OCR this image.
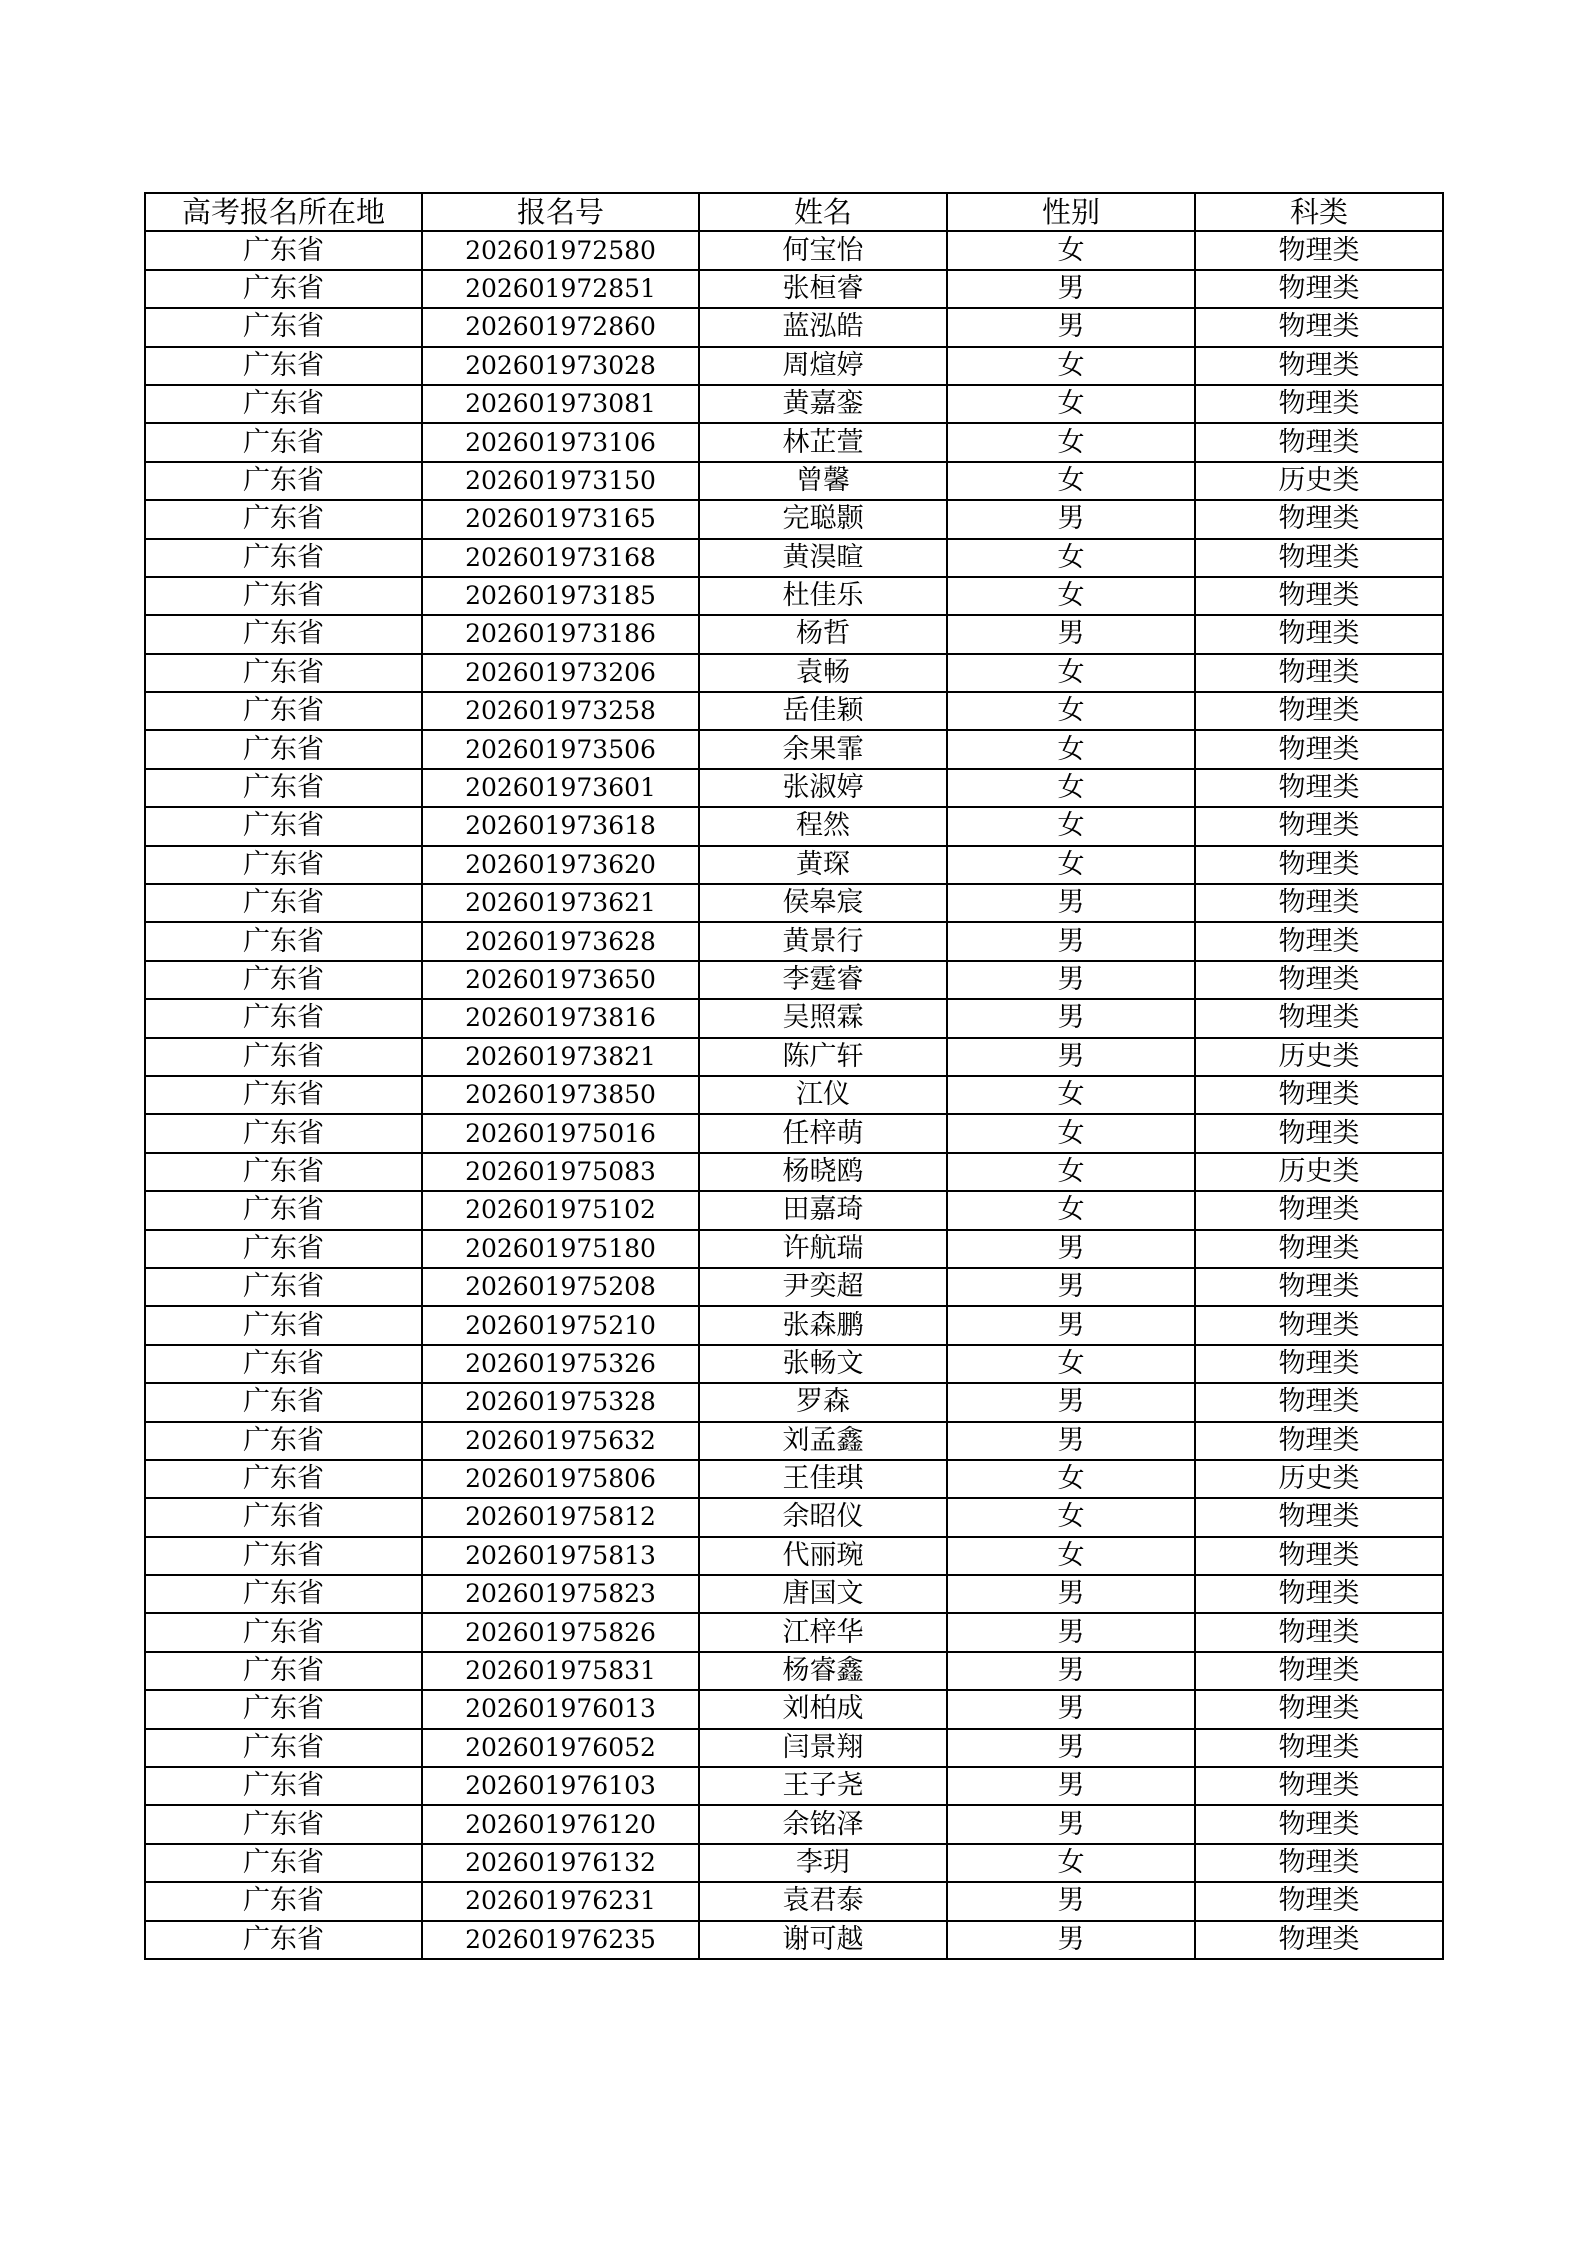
高考报名所在地	报名号	姓名	性别	科类
广东省	202601972580	何宝怡	女	物理类
广东省	202601972851	张桓睿	男	物理类
广东省	202601972860	蓝泓皓	男	物理类
广东省	202601973028	周煊婷	女	物理类
广东省	202601973081	黄嘉銮	女	物理类
广东省	202601973106	林芷萱	女	物理类
广东省	202601973150	曾馨	女	历史类
广东省	202601973165	完聪颢	男	物理类
广东省	202601973168	黄淏暄	女	物理类
广东省	202601973185	杜佳乐	女	物理类
广东省	202601973186	杨哲	男	物理类
广东省	202601973206	袁畅	女	物理类
广东省	202601973258	岳佳颖	女	物理类
广东省	202601973506	余果霏	女	物理类
广东省	202601973601	张淑婷	女	物理类
广东省	202601973618	程然	女	物理类
广东省	202601973620	黄琛	女	物理类
广东省	202601973621	侯皋宸	男	物理类
广东省	202601973628	黄景行	男	物理类
广东省	202601973650	李霆睿	男	物理类
广东省	202601973816	吴照霖	男	物理类
广东省	202601973821	陈广轩	男	历史类
广东省	202601973850	江仪	女	物理类
广东省	202601975016	任梓萌	女	物理类
广东省	202601975083	杨晓鸥	女	历史类
广东省	202601975102	田嘉琦	女	物理类
广东省	202601975180	许航瑞	男	物理类
广东省	202601975208	尹奕超	男	物理类
广东省	202601975210	张森鹏	男	物理类
广东省	202601975326	张畅文	女	物理类
广东省	202601975328	罗森	男	物理类
广东省	202601975632	刘孟鑫	男	物理类
广东省	202601975806	王佳琪	女	历史类
广东省	202601975812	余昭仪	女	物理类
广东省	202601975813	代丽琬	女	物理类
广东省	202601975823	唐国文	男	物理类
广东省	202601975826	江梓华	男	物理类
广东省	202601975831	杨睿鑫	男	物理类
广东省	202601976013	刘柏成	男	物理类
广东省	202601976052	闫景翔	男	物理类
广东省	202601976103	王子尧	男	物理类
广东省	202601976120	余铭泽	男	物理类
广东省	202601976132	李玥	女	物理类
广东省	202601976231	袁君泰	男	物理类
广东省	202601976235	谢可越	男	物理类
